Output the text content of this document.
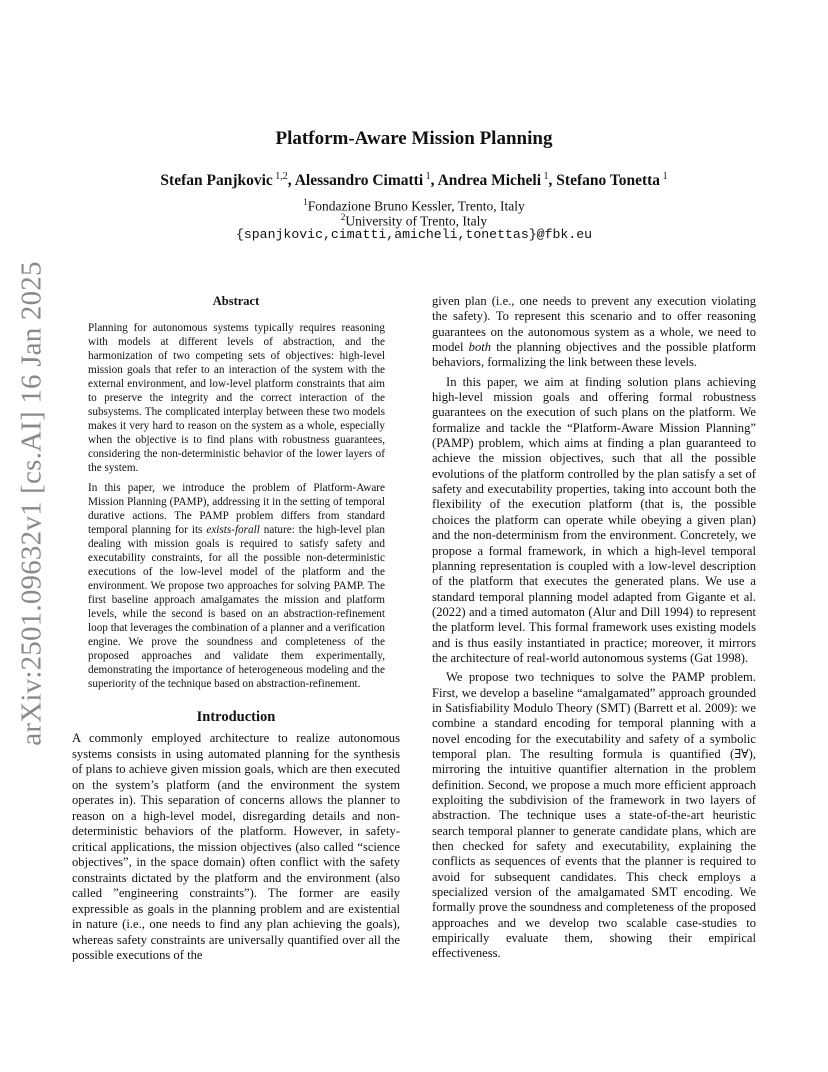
arXiv:2501.09632v1 [cs.AI] 16 Jan 2025
Platform-Aware Mission Planning
Stefan Panjkovic $^{1,2}$, Alessandro Cimatti $^1$, Andrea Micheli $^1$, Stefano Tonetta $^1$
$^1$Fondazione Bruno Kessler, Trento, Italy
$^2$University of Trento, Italy
{spanjkovic,cimatti,amicheli,tonettas}@fbk.eu
Abstract

Planning for autonomous systems typically requires reasoning with models at different levels of abstraction, and the harmonization of two competing sets of objectives: high-level mission goals that refer to an interaction of the system with the external environment, and low-level platform constraints that aim to preserve the integrity and the correct interaction of the subsystems. The complicated interplay between these two models makes it very hard to reason on the system as a whole, especially when the objective is to find plans with robustness guarantees, considering the non-deterministic behavior of the lower layers of the system.

In this paper, we introduce the problem of Platform-Aware Mission Planning (PAMP), addressing it in the setting of temporal durative actions. The PAMP problem differs from standard temporal planning for its exists-forall nature: the high-level plan dealing with mission goals is required to satisfy safety and executability constraints, for all the possible non-deterministic executions of the low-level model of the platform and the environment. We propose two approaches for solving PAMP. The first baseline approach amalgamates the mission and platform levels, while the second is based on an abstraction-refinement loop that leverages the combination of a planner and a verification engine. We prove the soundness and completeness of the proposed approaches and validate them experimentally, demonstrating the importance of heterogeneous modeling and the superiority of the technique based on abstraction-refinement.

Introduction

A commonly employed architecture to realize autonomous systems consists in using automated planning for the synthesis of plans to achieve given mission goals, which are then executed on the system’s platform (and the environment the system operates in). This separation of concerns allows the planner to reason on a high-level model, disregarding details and non-deterministic behaviors of the platform. However, in safety-critical applications, the mission objectives (also called “science objectives”, in the space domain) often conflict with the safety constraints dictated by the platform and the environment (also called ”engineering constraints”). The former are easily expressible as goals in the planning problem and are existential in nature (i.e., one needs to find any plan achieving the goals), whereas safety constraints are universally quantified over all the possible executions of the

given plan (i.e., one needs to prevent any execution violating the safety). To represent this scenario and to offer reasoning guarantees on the autonomous system as a whole, we need to model both the planning objectives and the possible platform behaviors, formalizing the link between these levels.

In this paper, we aim at finding solution plans achieving high-level mission goals and offering formal robustness guarantees on the execution of such plans on the platform. We formalize and tackle the “Platform-Aware Mission Planning” (PAMP) problem, which aims at finding a plan guaranteed to achieve the mission objectives, such that all the possible evolutions of the platform controlled by the plan satisfy a set of safety and executability properties, taking into account both the flexibility of the execution platform (that is, the possible choices the platform can operate while obeying a given plan) and the non-determinism from the environment. Concretely, we propose a formal framework, in which a high-level temporal planning representation is coupled with a low-level description of the platform that executes the generated plans. We use a standard temporal planning model adapted from Gigante et al. (2022) and a timed automaton (Alur and Dill 1994) to represent the platform level. This formal framework uses existing models and is thus easily instantiated in practice; moreover, it mirrors the architecture of real-world autonomous systems (Gat 1998).

We propose two techniques to solve the PAMP problem. First, we develop a baseline “amalgamated” approach grounded in Satisfiability Modulo Theory (SMT) (Barrett et al. 2009): we combine a standard encoding for temporal planning with a novel encoding for the executability and safety of a symbolic temporal plan. The resulting formula is quantified (∃∀), mirroring the intuitive quantifier alternation in the problem definition. Second, we propose a much more efficient approach exploiting the subdivision of the framework in two layers of abstraction. The technique uses a state-of-the-art heuristic search temporal planner to generate candidate plans, which are then checked for safety and executability, explaining the conflicts as sequences of events that the planner is required to avoid for subsequent candidates. This check employs a specialized version of the amalgamated SMT encoding. We formally prove the soundness and completeness of the proposed approaches and we develop two scalable case-studies to empirically evaluate them, showing their empirical effectiveness.
